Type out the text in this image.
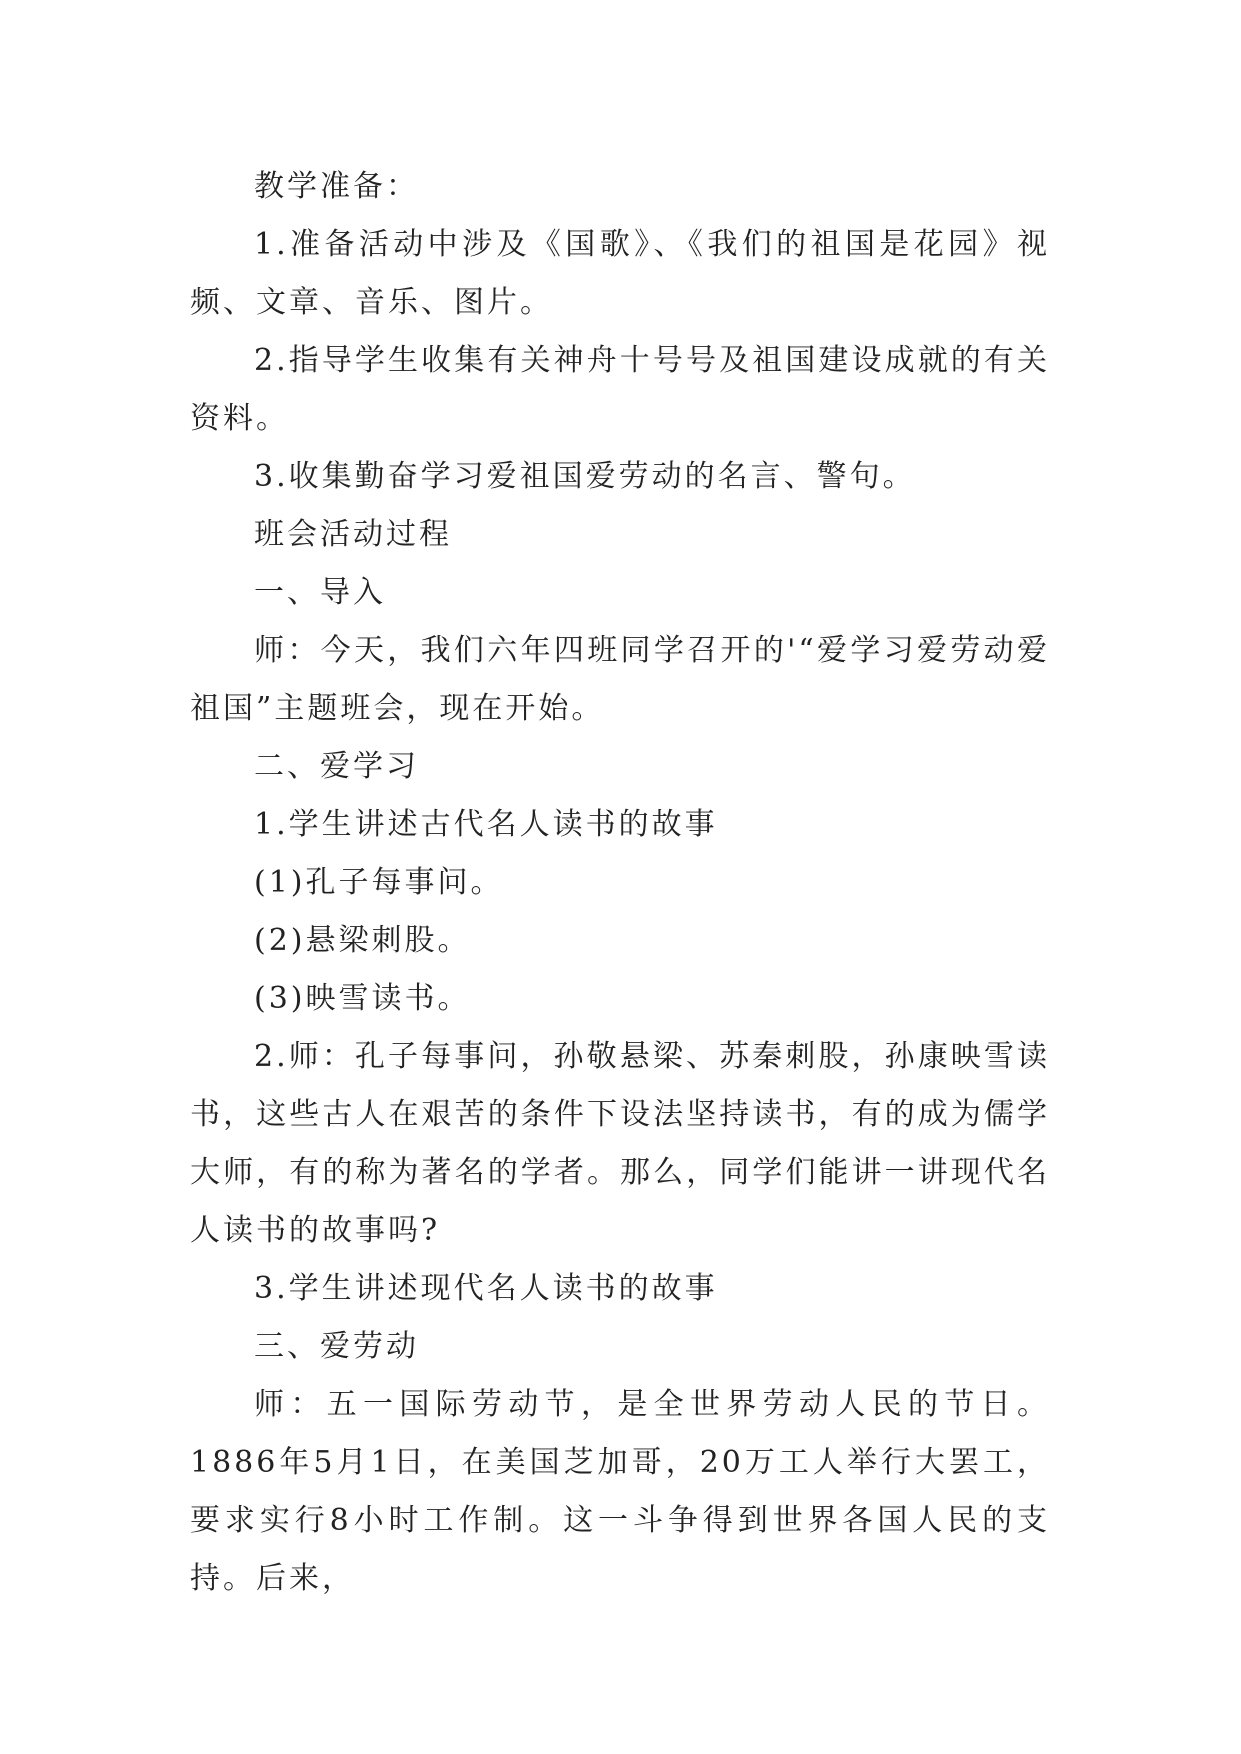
教学准备：

1.准备活动中涉及《国歌》、《我们的祖国是花园》视频、文章、音乐、图片。

2.指导学生收集有关神舟十号号及祖国建设成就的有关资料。

3.收集勤奋学习爱祖国爱劳动的名言、警句。

班会活动过程

一、导入

师：今天，我们六年四班同学召开的'“爱学习爱劳动爱祖国”主题班会，现在开始。

二、爱学习

1.学生讲述古代名人读书的故事

(1)孔子每事问。

(2)悬梁刺股。

(3)映雪读书。

2.师：孔子每事问，孙敬悬梁、苏秦刺股，孙康映雪读书，这些古人在艰苦的条件下设法坚持读书，有的成为儒学大师，有的称为著名的学者。那么，同学们能讲一讲现代名人读书的故事吗?

3.学生讲述现代名人读书的故事

三、爱劳动

师：五一国际劳动节，是全世界劳动人民的节日。1886年5月1日，在美国芝加哥，20万工人举行大罢工，要求实行8小时工作制。这一斗争得到世界各国人民的支持。后来，
